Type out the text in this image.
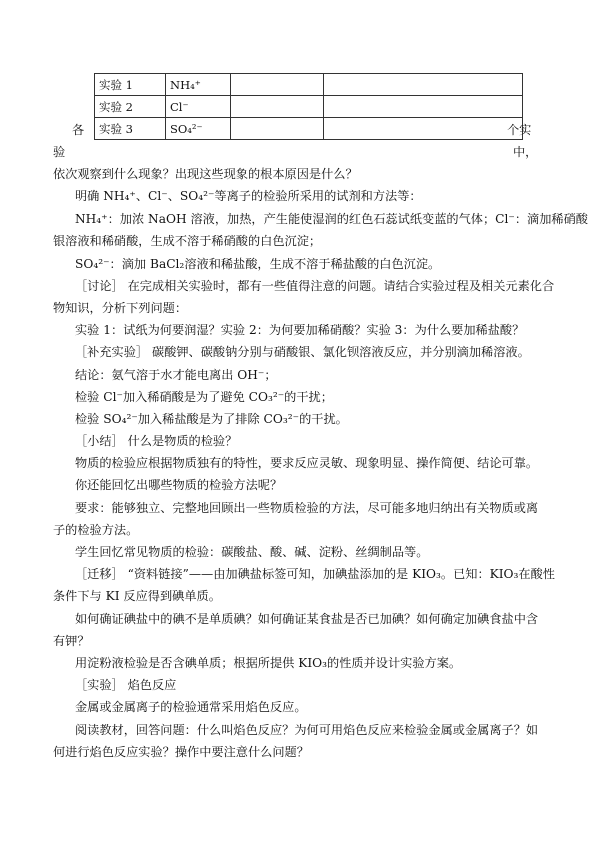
实验 1	NH₄⁺		
实验 2	Cl⁻		
实验 3	SO₄²⁻		
各	个实
验	中，
依次观察到什么现象？出现这些现象的根本原因是什么？
明确 NH₄⁺、Cl⁻、SO₄²⁻等离子的检验所采用的试剂和方法等：
NH₄⁺：加浓 NaOH 溶液，加热，产生能使湿润的红色石蕊试纸变蓝的气体；Cl⁻：滴加稀硝酸
银溶液和稀硝酸，生成不溶于稀硝酸的白色沉淀；
SO₄²⁻：滴加 BaCl₂溶液和稀盐酸，生成不溶于稀盐酸的白色沉淀。
［讨论］ 在完成相关实验时，都有一些值得注意的问题。请结合实验过程及相关元素化合
物知识，分析下列问题：
实验 1：试纸为何要润湿？实验 2：为何要加稀硝酸？实验 3：为什么要加稀盐酸？
［补充实验］ 碳酸钾、碳酸钠分别与硝酸银、氯化钡溶液反应，并分别滴加稀溶液。
结论：氨气溶于水才能电离出 OH⁻；
检验 Cl⁻加入稀硝酸是为了避免 CO₃²⁻的干扰；
检验 SO₄²⁻加入稀盐酸是为了排除 CO₃²⁻的干扰。
［小结］ 什么是物质的检验？
物质的检验应根据物质独有的特性，要求反应灵敏、现象明显、操作简便、结论可靠。
你还能回忆出哪些物质的检验方法呢？
要求：能够独立、完整地回顾出一些物质检验的方法，尽可能多地归纳出有关物质或离
子的检验方法。
学生回忆常见物质的检验：碳酸盐、酸、碱、淀粉、丝绸制品等。
［迁移］ “资料链接”——由加碘盐标签可知，加碘盐添加的是 KIO₃。已知：KIO₃在酸性
条件下与 KI 反应得到碘单质。
如何确证碘盐中的碘不是单质碘？如何确证某食盐是否已加碘？如何确定加碘食盐中含
有钾？
用淀粉液检验是否含碘单质；根据所提供 KIO₃的性质并设计实验方案。
［实验］ 焰色反应
金属或金属离子的检验通常采用焰色反应。
阅读教材，回答问题：什么叫焰色反应？为何可用焰色反应来检验金属或金属离子？如
何进行焰色反应实验？操作中要注意什么问题？
